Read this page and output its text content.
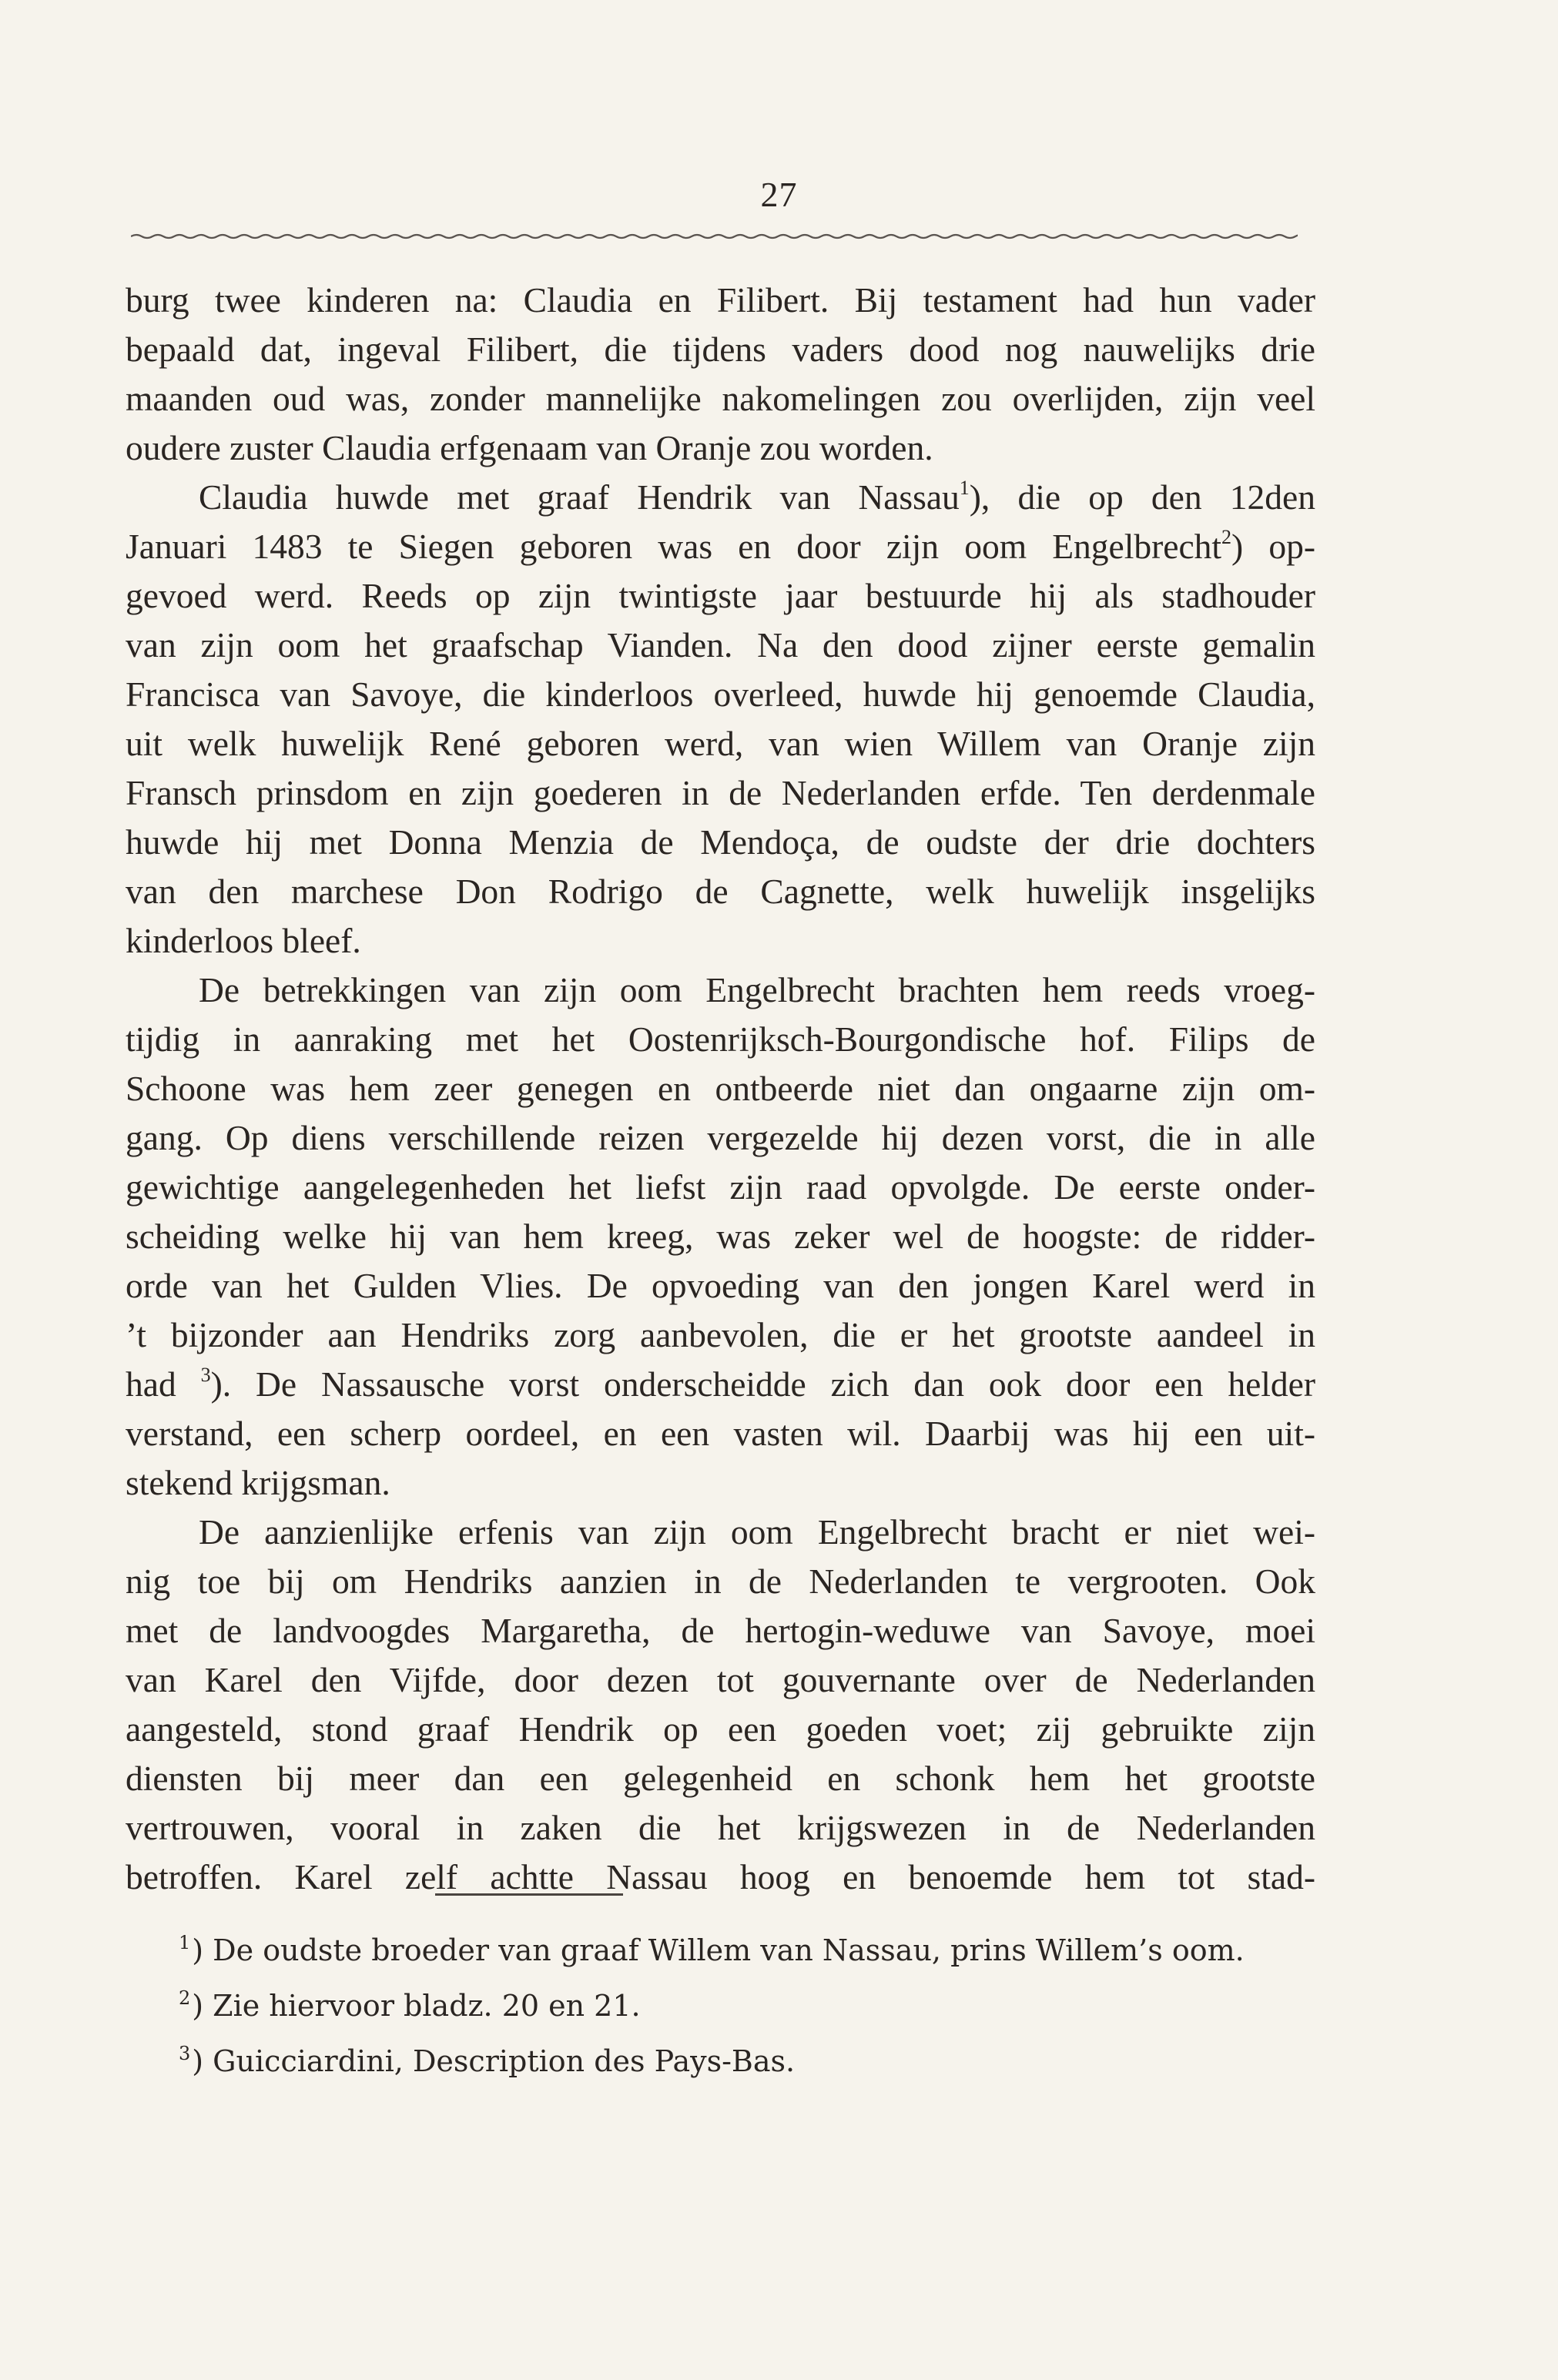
27
burg twee kinderen na: Claudia en Filibert. Bij testament had hun vader
bepaald dat, ingeval Filibert, die tijdens vaders dood nog nauwelijks drie
maanden oud was, zonder mannelijke nakomelingen zou overlijden, zijn veel
oudere zuster Claudia erfgenaam van Oranje zou worden.
Claudia huwde met graaf Hendrik van Nassau$^1$), die op den 12den
Januari 1483 te Siegen geboren was en door zijn oom Engelbrecht$^2$) op-
gevoed werd. Reeds op zijn twintigste jaar bestuurde hij als stadhouder
van zijn oom het graafschap Vianden. Na den dood zijner eerste gemalin
Francisca van Savoye, die kinderloos overleed, huwde hij genoemde Claudia,
uit welk huwelijk René geboren werd, van wien Willem van Oranje zijn
Fransch prinsdom en zijn goederen in de Nederlanden erfde. Ten derdenmale
huwde hij met Donna Menzia de Mendoça, de oudste der drie dochters
van den marchese Don Rodrigo de Cagnette, welk huwelijk insgelijks
kinderloos bleef.
De betrekkingen van zijn oom Engelbrecht brachten hem reeds vroeg-
tijdig in aanraking met het Oostenrijksch-Bourgondische hof. Filips de
Schoone was hem zeer genegen en ontbeerde niet dan ongaarne zijn om-
gang. Op diens verschillende reizen vergezelde hij dezen vorst, die in alle
gewichtige aangelegenheden het liefst zijn raad opvolgde. De eerste onder-
scheiding welke hij van hem kreeg, was zeker wel de hoogste: de ridder-
orde van het Gulden Vlies. De opvoeding van den jongen Karel werd in
’t bijzonder aan Hendriks zorg aanbevolen, die er het grootste aandeel in
had $^3$). De Nassausche vorst onderscheidde zich dan ook door een helder
verstand, een scherp oordeel, en een vasten wil. Daarbij was hij een uit-
stekend krijgsman.
De aanzienlijke erfenis van zijn oom Engelbrecht bracht er niet wei-
nig toe bij om Hendriks aanzien in de Nederlanden te vergrooten. Ook
met de landvoogdes Margaretha, de hertogin-weduwe van Savoye, moei
van Karel den Vijfde, door dezen tot gouvernante over de Nederlanden
aangesteld, stond graaf Hendrik op een goeden voet; zij gebruikte zijn
diensten bij meer dan een gelegenheid en schonk hem het grootste
vertrouwen, vooral in zaken die het krijgswezen in de Nederlanden
betroffen. Karel zelf achtte Nassau hoog en benoemde hem tot stad-
$^1$) De oudste broeder van graaf Willem van Nassau, prins Willem’s oom.
$^2$) Zie hiervoor bladz. 20 en 21.
$^3$) Guicciardini, Description des Pays-Bas.
